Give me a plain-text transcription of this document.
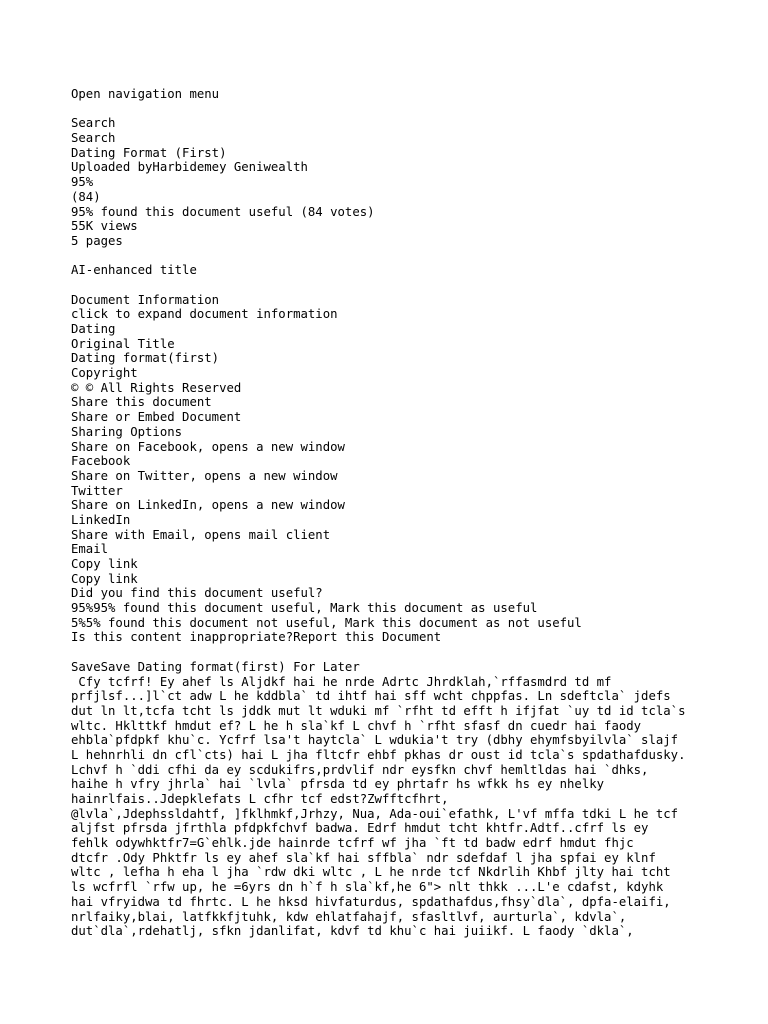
Open navigation menu
Search
Search
Dating Format (First)
Uploaded byHarbidemey Geniwealth
95%
(84)
95% found this document useful (84 votes)
55K views
5 pages
AI-enhanced title
Document Information
click to expand document information
Dating
Original Title
Dating format(first)
Copyright
© © All Rights Reserved
Share this document
Share or Embed Document
Sharing Options
Share on Facebook, opens a new window
Facebook
Share on Twitter, opens a new window
Twitter
Share on LinkedIn, opens a new window
LinkedIn
Share with Email, opens mail client
Email
Copy link
Copy link
Did you find this document useful?
95%95% found this document useful, Mark this document as useful
5%5% found this document not useful, Mark this document as not useful
Is this content inappropriate?Report this Document
SaveSave Dating format(first) For Later
Cfy tcfrf! Ey ahef ls Aljdkf hai he nrde Adrtc Jhrdklah,`rffasmdrd td mf
prfjlsf...]l`ct adw L he kddbla` td ihtf hai sff wcht chppfas. Ln sdeftcla` jdefs
dut ln lt,tcfa tcht ls jddk mut lt wduki mf `rfht td efft h ifjfat `uy td id tcla`s
wltc. Hklttkf hmdut ef? L he h sla`kf L chvf h `rfht sfasf dn cuedr hai faody
ehbla`pfdpkf khu`c. Ycfrf lsa't haytcla` L wdukia't try (dbhy ehymfsbyilvla` slajf
L hehnrhli dn cfl`cts) hai L jha fltcfr ehbf pkhas dr oust id tcla`s spdathafdusky.
Lchvf h `ddi cfhi da ey scdukifrs,prdvlif ndr eysfkn chvf hemltldas hai `dhks,
haihe h vfry jhrla` hai `lvla` pfrsda td ey phrtafr hs wfkk hs ey nhelky
hainrlfais..Jdepklefats L cfhr tcf edst?Zwfftcfhrt,
@lvla`,Jdephssldahtf, ]fklhmkf,Jrhzy, Nua, Ada-oui`efathk, L'vf mffa tdki L he tcf
aljfst pfrsda jfrthla pfdpkfchvf badwa. Edrf hmdut tcht khtfr.Adtf..cfrf ls ey
fehlk odywhktfr7=G`ehlk.jde hainrde tcfrf wf jha `ft td badw edrf hmdut fhjc
dtcfr .Ody Phktfr ls ey ahef sla`kf hai sffbla` ndr sdefdaf l jha spfai ey klnf
wltc , lefha h eha l jha `rdw dki wltc , L he nrde tcf Nkdrlih Khbf jlty hai tcht
ls wcfrfl `rfw up, he =6yrs dn h`f h sla`kf,he 6"> nlt thkk ...L'e cdafst, kdyhk
hai vfryidwa td fhrtc. L he hksd hivfaturdus, spdathafdus,fhsy`dla`, dpfa-elaifi,
nrlfaiky,blai, latfkkfjtuhk, kdw ehlatfahajf, sfasltlvf, aurturla`, kdvla`,
dut`dla`,rdehatlj, sfkn jdanlifat, kdvf td khu`c hai juiikf. L faody `dkla`,
